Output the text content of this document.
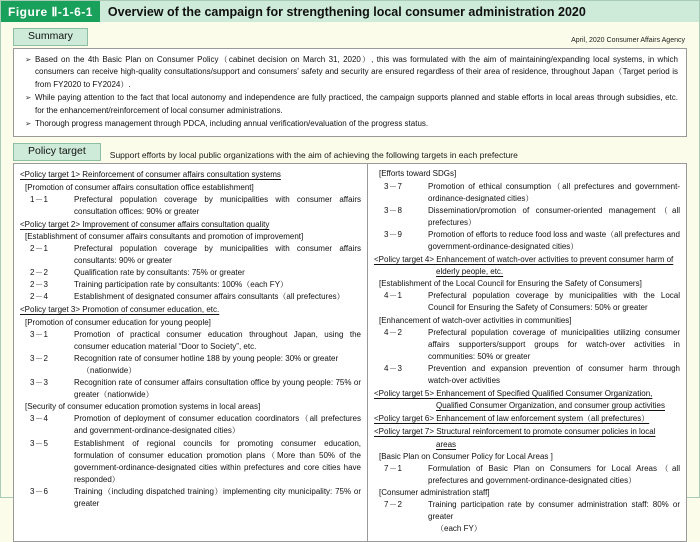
Figure Ⅱ-1-6-1	Overview of the campaign for strengthening local consumer administration 2020
Summary	April, 2020 Consumer Affairs Agency
➢ Based on the 4th Basic Plan on Consumer Policy（cabinet decision on March 31, 2020）, this was formulated with the aim of maintaining/expanding local systems, in which consumers can receive high-quality consultations/support and consumers’ safety and security are ensured regardless of their area of residence, throughout Japan（Target period is from FY2020 to FY2024）.
➢ While paying attention to the fact that local autonomy and independence are fully practiced, the campaign supports planned and stable efforts in local areas through subsidies, etc. for the enhancement/reinforcement of local consumer administrations.
➢ Thorough progress management through PDCA, including annual verification/evaluation of the progress status.
Policy target	Support efforts by local public organizations with the aim of achieving the following targets in each prefecture
<Policy target 1> Reinforcement of consumer affairs consultation systems
[Promotion of consumer affairs consultation office establishment]
1－1	Prefectural population coverage by municipalities with consumer affairs consultation offices: 90% or greater
<Policy target 2> Improvement of consumer affairs consultation quality
[Establishment of consumer affairs consultants and promotion of improvement]
2－1	Prefectural population coverage by municipalities with consumer affairs consultants: 90% or greater
2－2	Qualification rate by consultants: 75% or greater
2－3	Training participation rate by consultants: 100%（each FY）
2－4	Establishment of designated consumer affairs consultants（all prefectures）
<Policy target 3> Promotion of consumer education, etc.
[Promotion of consumer education for young people]
3－1	Promotion of practical consumer education throughout Japan, using the consumer education material “Door to Society”, etc.
3－2	Recognition rate of consumer hotline 188 by young people: 30% or greater
（nationwide）
3－3	Recognition rate of consumer affairs consultation office by young people: 75% or greater（nationwide）
[Security of consumer education promotion systems in local areas]
3－4	Promotion of deployment of consumer education coordinators（all prefectures and government-ordinance-designated cities）
3－5	Establishment of regional councils for promoting consumer education, formulation of consumer education promotion plans（More than 50% of the government-ordinance-designated cities within prefectures and core cities have responded）
3－6	Training（including dispatched training）implementing city municipality: 75% or greater
[Efforts toward SDGs]
3－7	Promotion of ethical consumption（all prefectures and government-ordinance-designated cities）
3－8	Dissemination/promotion of consumer-oriented management（all prefectures）
3－9	Promotion of efforts to reduce food loss and waste（all prefectures and government-ordinance-designated cities）
<Policy target 4> Enhancement of watch-over activities to prevent consumer harm of
elderly people, etc.
[Establishment of the Local Council for Ensuring the Safety of Consumers]
4－1	Prefectural population coverage by municipalities with the Local Council for Ensuring the Safety of Consumers: 50% or greater
[Enhancement of watch-over activities in communities]
4－2	Prefectural population coverage of municipalities utilizing consumer affairs supporters/support groups for watch-over activities in communities: 50% or greater
4－3	Prevention and expansion prevention of consumer harm through watch-over activities
<Policy target 5> Enhancement of Specified Qualified Consumer Organization,
Qualified Consumer Organization, and consumer group activities
<Policy target 6> Enhancement of law enforcement system（all prefectures）
<Policy target 7> Structural reinforcement to promote consumer policies in local
areas
[Basic Plan on Consumer Policy for Local Areas ]
7－1	Formulation of Basic Plan on Consumers for Local Areas（all prefectures and government-ordinance-designated cities）
[Consumer administration staff]
7－2	Training participation rate by consumer administration staff: 80% or greater
（each FY）
